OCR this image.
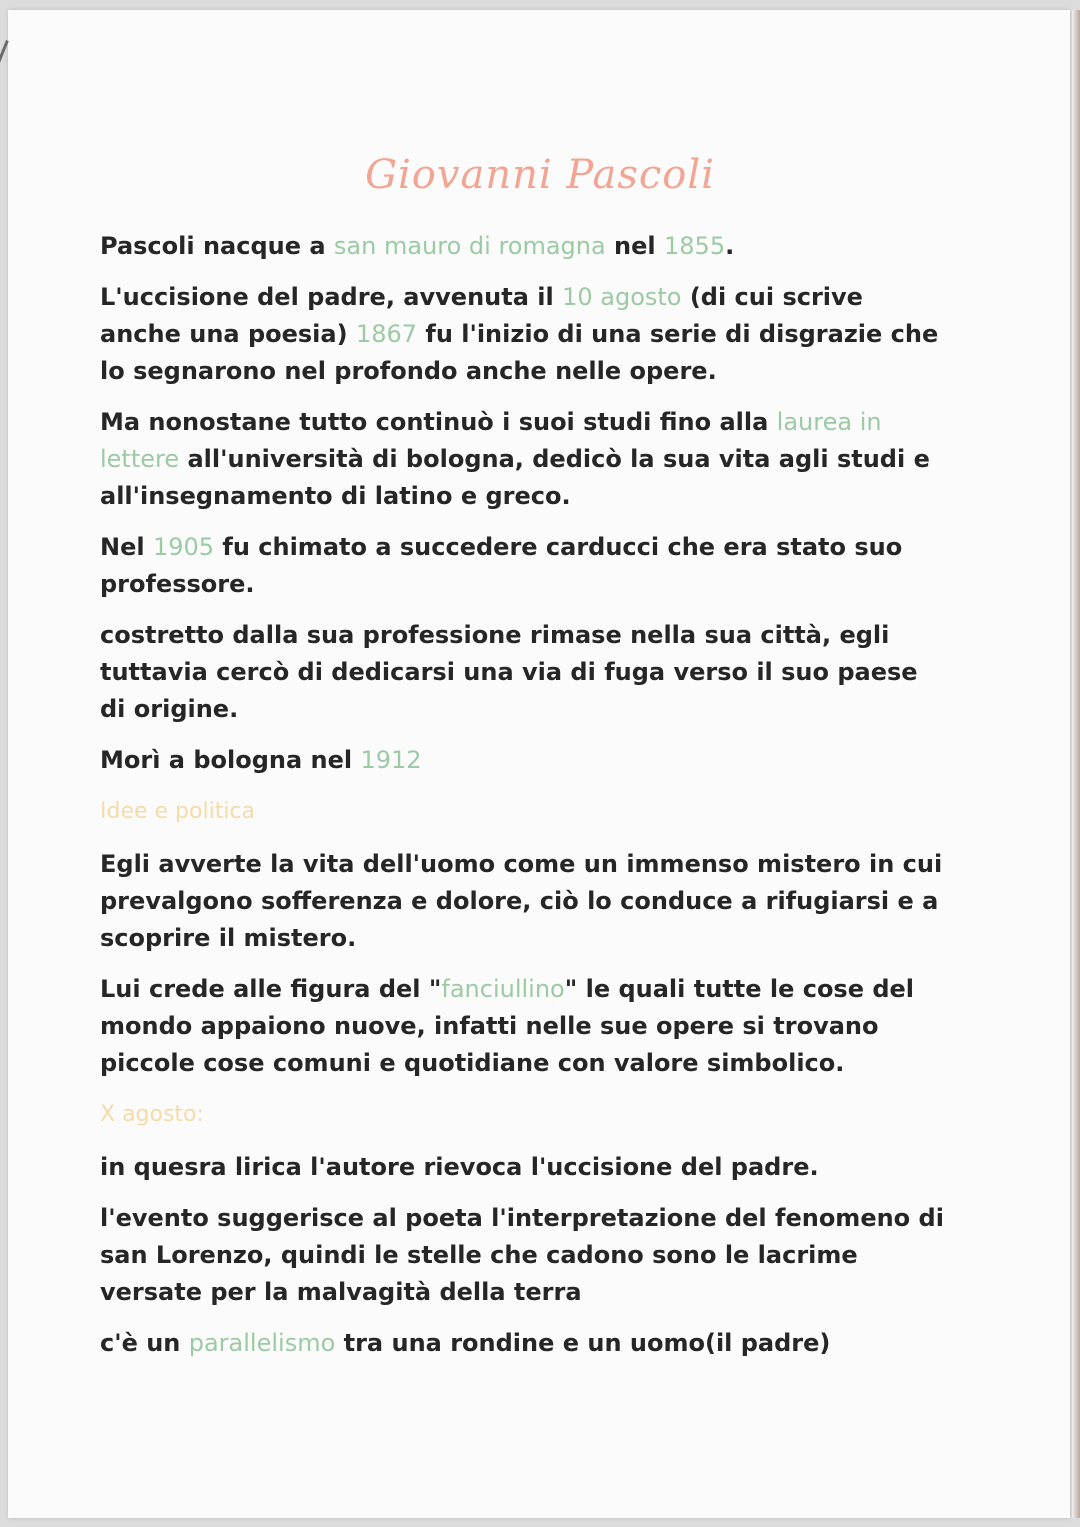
Giovanni Pascoli

Pascoli nacque a san mauro di romagna nel 1855.

L'uccisione del padre, avvenuta il 10 agosto (di cui scrive anche una poesia) 1867 fu l'inizio di una serie di disgrazie che lo segnarono nel profondo anche nelle opere.

Ma nonostane tutto continuò i suoi studi fino alla laurea in lettere all'università di bologna, dedicò la sua vita agli studi e all'insegnamento di latino e greco.

Nel 1905 fu chimato a succedere carducci che era stato suo professore.

costretto dalla sua professione rimase nella sua città, egli tuttavia cercò di dedicarsi una via di fuga verso il suo paese di origine.

Morì a bologna nel 1912

Idee e politica

Egli avverte la vita dell'uomo come un immenso mistero in cui prevalgono sofferenza e dolore, ciò lo conduce a rifugiarsi e a scoprire il mistero.

Lui crede alle figura del "fanciullino" le quali tutte le cose del mondo appaiono nuove, infatti nelle sue opere si trovano piccole cose comuni e quotidiane con valore simbolico.

X agosto:

in quesra lirica l'autore rievoca l'uccisione del padre.

l'evento suggerisce al poeta l'interpretazione del fenomeno di san Lorenzo, quindi le stelle che cadono sono le lacrime versate per la malvagità della terra

c'è un parallelismo tra una rondine e un uomo(il padre)
